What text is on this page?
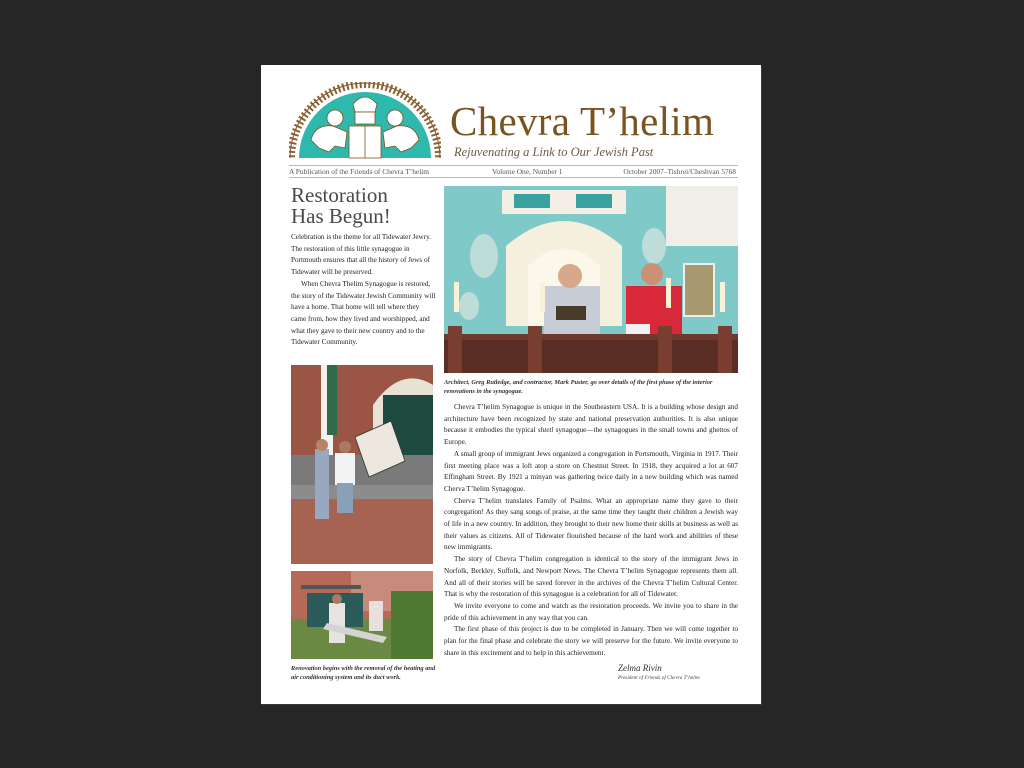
Chevra T’helim
Rejuvenating a Link to Our Jewish Past
A Publication of the Friends of Chevra T’helim	Volume One, Number 1	October 2007–Tishrei/Cheshvan 5768
Restoration
Has Begun!

Celebration is the theme for all Tidewater Jewry. The restoration of this little synagogue in Portmouth ensures that all the history of Jews of Tidewater will be preserved.

When Chevra Thelim Synagogue is restored, the story of the Tidewater Jewish Community will have a home. That home will tell where they came from, how they lived and worshipped, and what they gave to their new country and to the Tidewater Community.

Architect, Greg Rutledge, and contractor, Mark Puster, go over details of the first phase of the interior renovations in the synagogue.
Renovation begins with the removal of the heating and air conditioning system and its duct work.

Chevra T’helim Synagogue is unique in the Southeastern USA. It is a building whose design and architecture have been recognized by state and national preservation authorities. It is also unique because it embodies the typical shtetl synagogue—the synagogues in the small towns and ghettos of Europe.

A small group of immigrant Jews organized a congregation in Portsmouth, Virginia in 1917. Their first meeting place was a loft atop a store on Chestnut Street. In 1918, they acquired a lot at 607 Effingham Street. By 1921 a minyan was gathering twice daily in a new building which was named Cherva T’helim Synagogue.

Cherva T’helim translates Family of Psalms. What an appropriate name they gave to their congregation! As they sang songs of praise, at the same time they taught their children a Jewish way of life in a new country. In addition, they brought to their new home their skills at business as well as their values as citizens. All of Tidewater flourished because of the hard work and abilities of these new immigrants.

The story of Chevra T’helim congregation is identical to the story of the immigrant Jews in Norfolk, Berkley, Suffolk, and Newport News. The Chevra T’helim Synagogue represents them all. And all of their stories will be saved forever in the archives of the Chevra T’helim Cultural Center. That is why the restoration of this synagogue is a celebration for all of Tidewater.

We invite everyone to come and watch as the restoration proceeds. We invite you to share in the pride of this achievement in any way that you can.

The first phase of this project is due to be completed in January. Then we will come together to plan for the final phase and celebrate the story we will preserve for the future. We invite everyone to share in this excitement and to help in this achievement.

Zelma Rivin
President of Friends of Chevra T’helim
